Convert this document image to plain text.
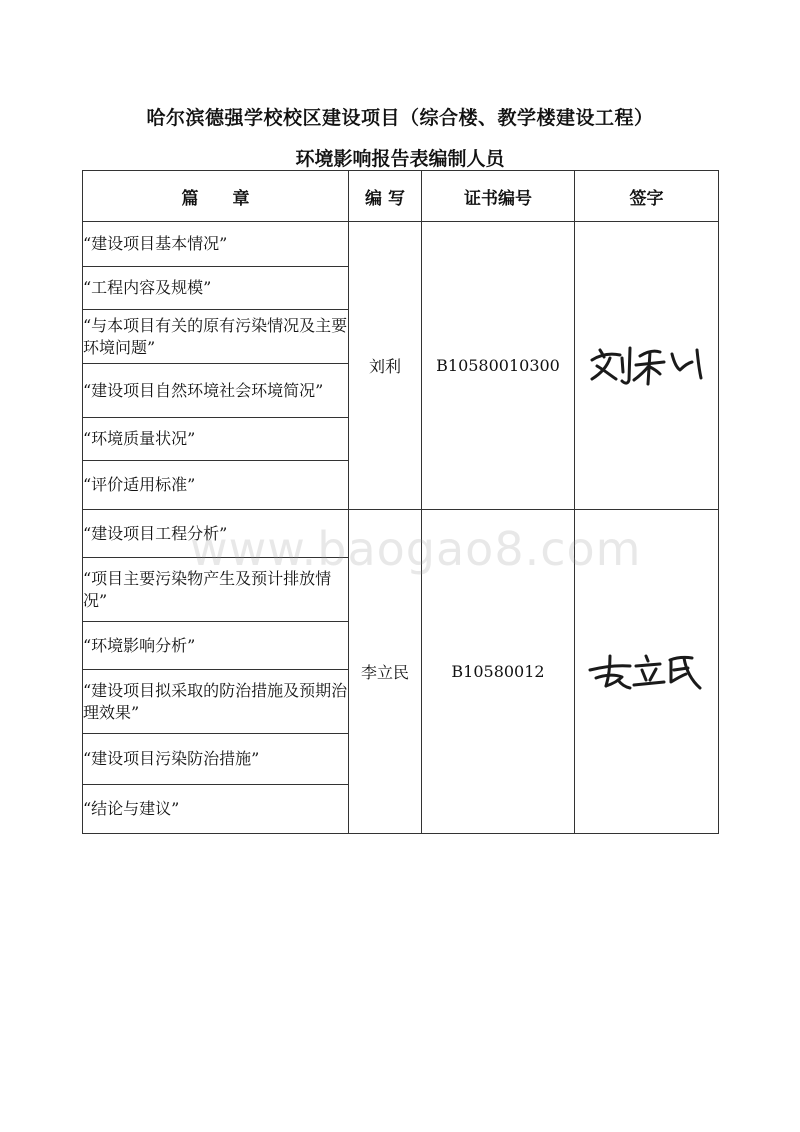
哈尔滨德强学校校区建设项目（综合楼、教学楼建设工程）
环境影响报告表编制人员
篇　　章	编 写	证书编号	签字
“建设项目基本情况”	刘利	B10580010300	
“工程内容及规模”			
“与本项目有关的原有污染情况及主要环境问题”			
“建设项目自然环境社会环境简况”			
“环境质量状况”			
“评价适用标准”			
“建设项目工程分析”	李立民	B10580012	
“项目主要污染物产生及预计排放情况”			
“环境影响分析”			
“建设项目拟采取的防治措施及预期治理效果”			
“建设项目污染防治措施”			
“结论与建议”			
www.baogao8.com
